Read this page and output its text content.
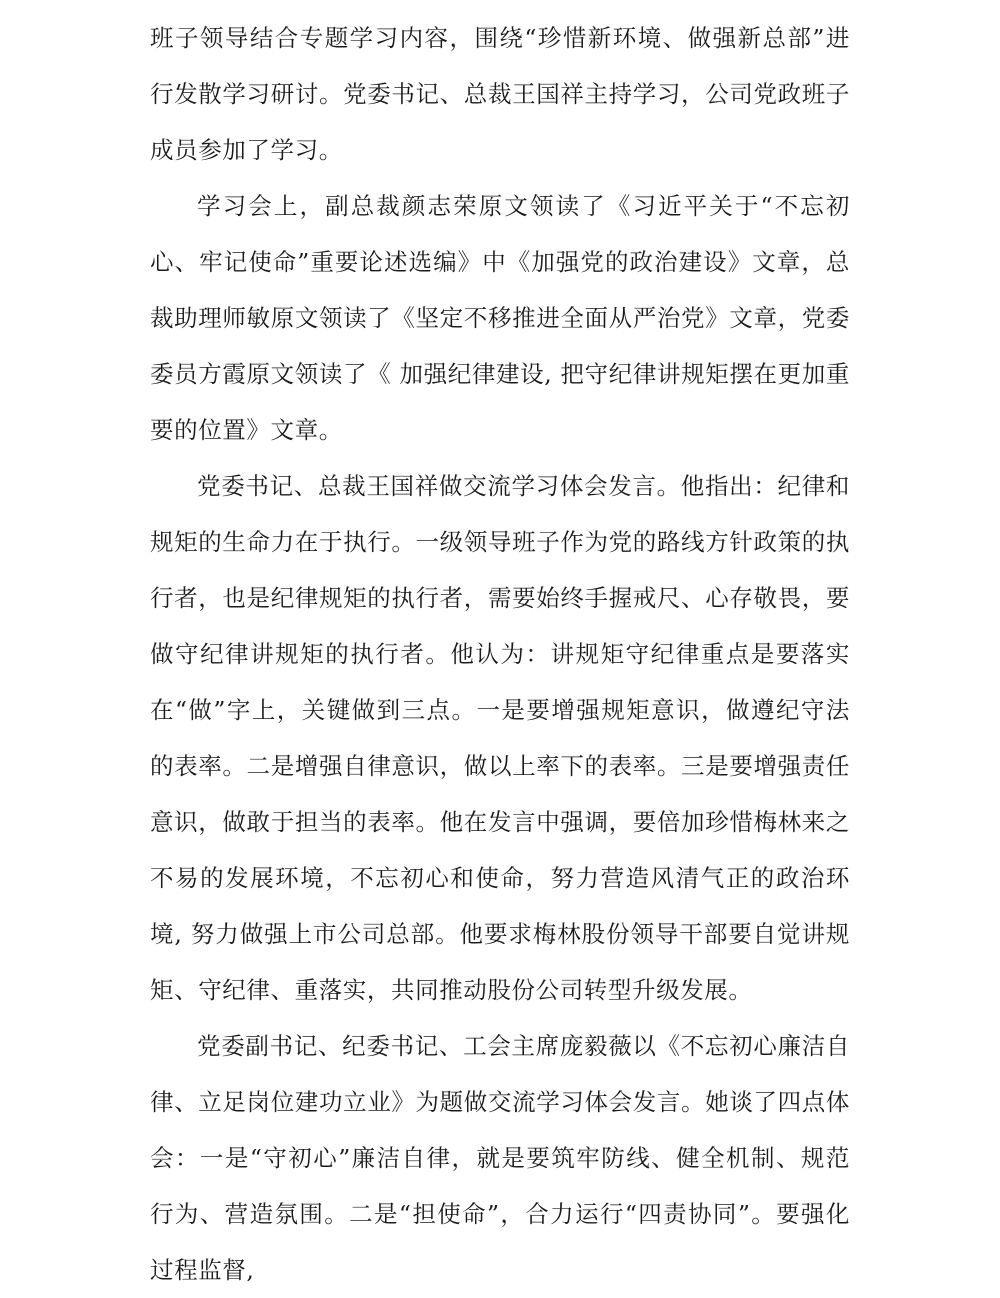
班子领导结合专题学习内容，围绕“珍惜新环境、做强新总部”进行发散学习研讨。党委书记、总裁王国祥主持学习，公司党政班子成员参加了学习。

学习会上，副总裁颜志荣原文领读了《习近平关于“不忘初心、牢记使命”重要论述选编》中《加强党的政治建设》文章，总裁助理师敏原文领读了《坚定不移推进全面从严治党》文章，党委委员方霞原文领读了《 加强纪律建设, 把守纪律讲规矩摆在更加重要的位置》文章。

党委书记、总裁王国祥做交流学习体会发言。他指出：纪律和规矩的生命力在于执行。一级领导班子作为党的路线方针政策的执行者，也是纪律规矩的执行者，需要始终手握戒尺、心存敬畏，要做守纪律讲规矩的执行者。他认为：讲规矩守纪律重点是要落实在“做”字上，关键做到三点。一是要增强规矩意识，做遵纪守法的表率。二是增强自律意识，做以上率下的表率。三是要增强责任意识，做敢于担当的表率。他在发言中强调，要倍加珍惜梅林来之不易的发展环境，不忘初心和使命，努力营造风清气正的政治环境, 努力做强上市公司总部。他要求梅林股份领导干部要自觉讲规矩、守纪律、重落实，共同推动股份公司转型升级发展。

党委副书记、纪委书记、工会主席庞毅薇以《不忘初心廉洁自律、立足岗位建功立业》为题做交流学习体会发言。她谈了四点体会：一是“守初心”廉洁自律，就是要筑牢防线、健全机制、规范行为、营造氛围。二是“担使命”，合力运行“四责协同”。要强化过程监督,
